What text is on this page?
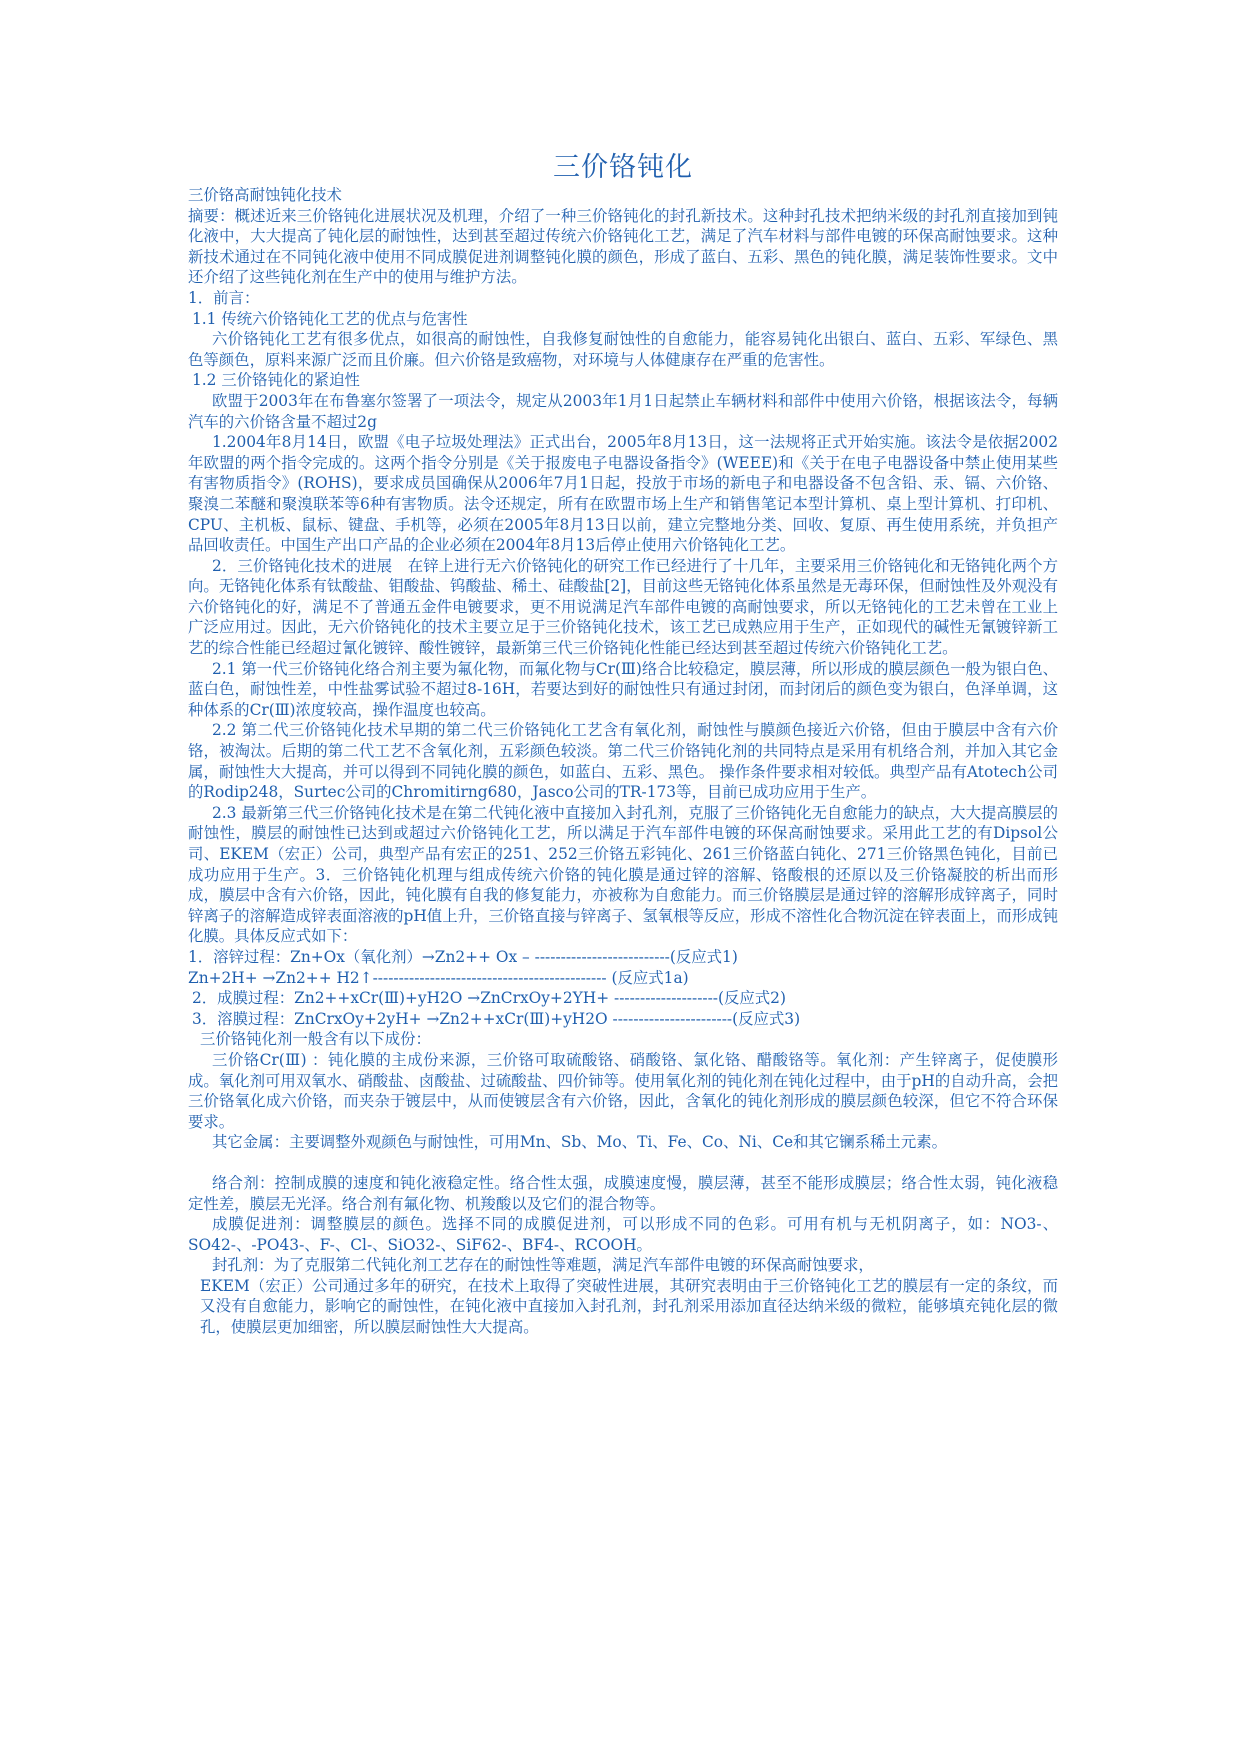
三价铬钝化

三价铬高耐蚀钝化技术

摘要：概述近来三价铬钝化进展状况及机理，介绍了一种三价铬钝化的封孔新技术。这种封孔技术把纳米级的封孔剂直接加到钝化液中，大大提高了钝化层的耐蚀性，达到甚至超过传统六价铬钝化工艺，满足了汽车材料与部件电镀的环保高耐蚀要求。这种新技术通过在不同钝化液中使用不同成膜促进剂调整钝化膜的颜色，形成了蓝白、五彩、黑色的钝化膜，满足装饰性要求。文中还介绍了这些钝化剂在生产中的使用与维护方法。

1．前言：

1.1 传统六价铬钝化工艺的优点与危害性

六价铬钝化工艺有很多优点，如很高的耐蚀性，自我修复耐蚀性的自愈能力，能容易钝化出银白、蓝白、五彩、军绿色、黑色等颜色，原料来源广泛而且价廉。但六价铬是致癌物，对环境与人体健康存在严重的危害性。

1.2 三价铬钝化的紧迫性

欧盟于2003年在布鲁塞尔签署了一项法令，规定从2003年1月1日起禁止车辆材料和部件中使用六价铬，根据该法令，每辆汽车的六价铬含量不超过2g

1.2004年8月14日，欧盟《电子垃圾处理法》正式出台，2005年8月13日，这一法规将正式开始实施。该法令是依据2002年欧盟的两个指令完成的。这两个指令分别是《关于报废电子电器设备指令》(WEEE)和《关于在电子电器设备中禁止使用某些有害物质指令》(ROHS)，要求成员国确保从2006年7月1日起，投放于市场的新电子和电器设备不包含铅、汞、镉、六价铬、聚溴二苯醚和聚溴联苯等6种有害物质。法令还规定，所有在欧盟市场上生产和销售笔记本型计算机、桌上型计算机、打印机、CPU、主机板、鼠标、键盘、手机等，必须在2005年8月13日以前，建立完整地分类、回收、复原、再生使用系统，并负担产品回收责任。中国生产出口产品的企业必须在2004年8月13后停止使用六价铬钝化工艺。

2．三价铬钝化技术的进展　在锌上进行无六价铬钝化的研究工作已经进行了十几年，主要采用三价铬钝化和无铬钝化两个方向。无铬钝化体系有钛酸盐、钼酸盐、钨酸盐、稀土、硅酸盐[2]，目前这些无铬钝化体系虽然是无毒环保，但耐蚀性及外观没有六价铬钝化的好，满足不了普通五金件电镀要求，更不用说满足汽车部件电镀的高耐蚀要求，所以无铬钝化的工艺未曾在工业上广泛应用过。因此，无六价铬钝化的技术主要立足于三价铬钝化技术，该工艺已成熟应用于生产，正如现代的碱性无氰镀锌新工艺的综合性能已经超过氰化镀锌、酸性镀锌，最新第三代三价铬钝化性能已经达到甚至超过传统六价铬钝化工艺。

2.1 第一代三价铬钝化络合剂主要为氟化物，而氟化物与Cr(Ⅲ)络合比较稳定，膜层薄，所以形成的膜层颜色一般为银白色、蓝白色，耐蚀性差，中性盐雾试验不超过8-16H，若要达到好的耐蚀性只有通过封闭，而封闭后的颜色变为银白，色泽单调，这种体系的Cr(Ⅲ)浓度较高，操作温度也较高。

2.2 第二代三价铬钝化技术早期的第二代三价铬钝化工艺含有氧化剂，耐蚀性与膜颜色接近六价铬，但由于膜层中含有六价铬，被淘汰。后期的第二代工艺不含氧化剂，五彩颜色较淡。第二代三价铬钝化剂的共同特点是采用有机络合剂，并加入其它金属，耐蚀性大大提高，并可以得到不同钝化膜的颜色，如蓝白、五彩、黑色。 操作条件要求相对较低。典型产品有Atotech公司的Rodip248，Surtec公司的Chromitirng680，Jasco公司的TR-173等，目前已成功应用于生产。

2.3 最新第三代三价铬钝化技术是在第二代钝化液中直接加入封孔剂，克服了三价铬钝化无自愈能力的缺点，大大提高膜层的耐蚀性，膜层的耐蚀性已达到或超过六价铬钝化工艺，所以满足于汽车部件电镀的环保高耐蚀要求。采用此工艺的有Dipsol公司、EKEM（宏正）公司，典型产品有宏正的251、252三价铬五彩钝化、261三价铬蓝白钝化、271三价铬黑色钝化，目前已成功应用于生产。3．三价铬钝化机理与组成传统六价铬的钝化膜是通过锌的溶解、铬酸根的还原以及三价铬凝胶的析出而形成，膜层中含有六价铬，因此，钝化膜有自我的修复能力，亦被称为自愈能力。而三价铬膜层是通过锌的溶解形成锌离子，同时锌离子的溶解造成锌表面溶液的pH值上升，三价铬直接与锌离子、氢氧根等反应，形成不溶性化合物沉淀在锌表面上，而形成钝化膜。具体反应式如下：

1．溶锌过程：Zn+Ox（氧化剂）→Zn2++ Ox – --------------------------(反应式1)

Zn+2H+ →Zn2++ H2↑--------------------------------------------- (反应式1a)

2．成膜过程：Zn2++xCr(Ⅲ)+yH2O →ZnCrxOy+2YH+ --------------------(反应式2)

3．溶膜过程：ZnCrxOy+2yH+ →Zn2++xCr(Ⅲ)+yH2O -----------------------(反应式3)

三价铬钝化剂一般含有以下成份：

三价铬Cr(Ⅲ) ：钝化膜的主成份来源，三价铬可取硫酸铬、硝酸铬、氯化铬、醋酸铬等。氧化剂：产生锌离子，促使膜形成。氧化剂可用双氧水、硝酸盐、卤酸盐、过硫酸盐、四价铈等。使用氧化剂的钝化剂在钝化过程中，由于pH的自动升高，会把三价铬氧化成六价铬，而夹杂于镀层中，从而使镀层含有六价铬，因此，含氧化的钝化剂形成的膜层颜色较深，但它不符合环保要求。

其它金属：主要调整外观颜色与耐蚀性，可用Mn、Sb、Mo、Ti、Fe、Co、Ni、Ce和其它镧系稀土元素。

络合剂：控制成膜的速度和钝化液稳定性。络合性太强，成膜速度慢，膜层薄，甚至不能形成膜层；络合性太弱，钝化液稳定性差，膜层无光泽。络合剂有氟化物、机羧酸以及它们的混合物等。

成膜促进剂：调整膜层的颜色。选择不同的成膜促进剂，可以形成不同的色彩。可用有机与无机阴离子，如：NO3-、SO42-、-PO43-、F-、Cl-、SiO32-、SiF62-、BF4-、RCOOH。

封孔剂：为了克服第二代钝化剂工艺存在的耐蚀性等难题，满足汽车部件电镀的环保高耐蚀要求，

EKEM（宏正）公司通过多年的研究，在技术上取得了突破性进展，其研究表明由于三价铬钝化工艺的膜层有一定的条纹，而又没有自愈能力，影响它的耐蚀性，在钝化液中直接加入封孔剂，封孔剂采用添加直径达纳米级的微粒，能够填充钝化层的微孔，使膜层更加细密，所以膜层耐蚀性大大提高。
